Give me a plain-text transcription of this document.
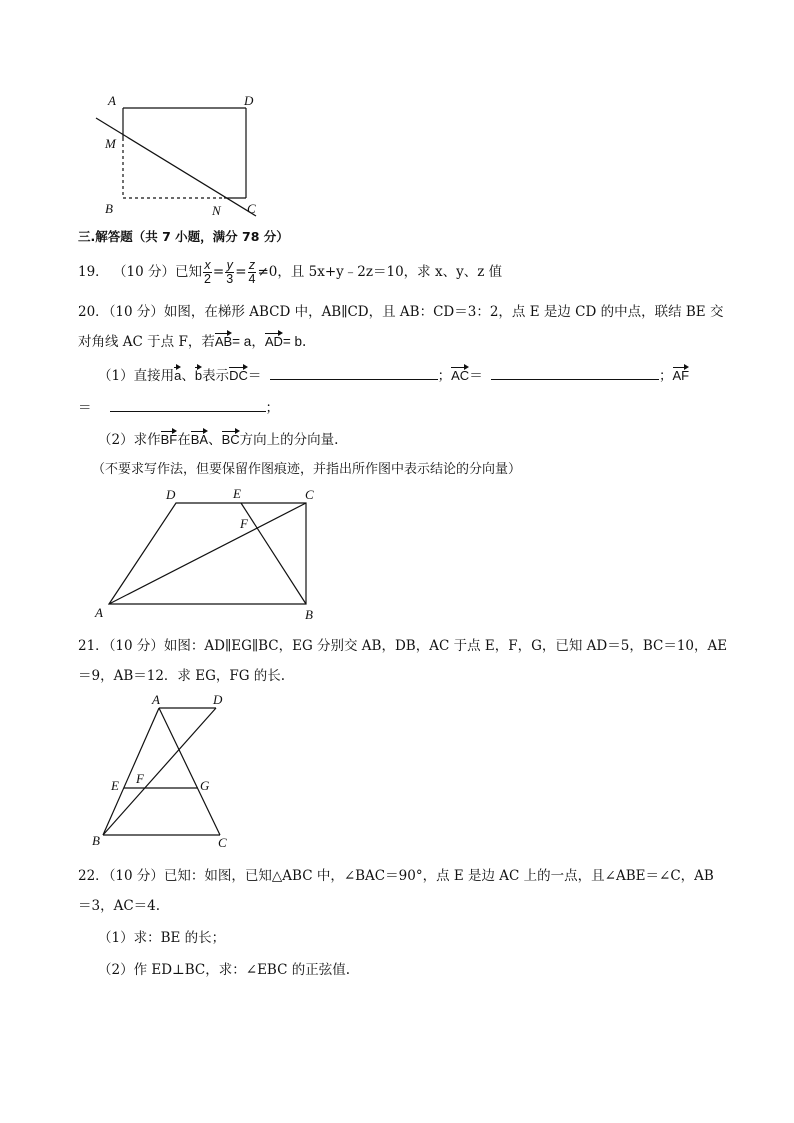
A	D
M
B	N C
三.解答题（共 7 小题，满分 78 分）
19． （10 分）已知 $\frac{x}{2} = \frac{y}{3} = \frac{z}{4} \ne 0$，且 5x+y﹣2z＝10，求 x、y、z 值
20．（10 分）如图，在梯形 ABCD 中，AB∥CD，且 AB：CD＝3：2，点 E 是边 CD 的中点，联结 BE 交
对角线 AC 于点 F，若AB= a，AD= b.
（1）直接用a、b表示DC＝	；AC＝	；AF
＝	；
（2）求作BF在BA、BC方向上的分向量.
（不要求写作法，但要保留作图痕迹，并指出所作图中表示结论的分向量）
D	E	C
F
A	B
21．（10 分）如图：AD∥EG∥BC，EG 分别交 AB，DB，AC 于点 E，F，G，已知 AD＝5，BC＝10，AE
＝9，AB＝12．求 EG，FG 的长.
A	D
E F	G
B	C
22．（10 分）已知：如图，已知△ABC 中，∠BAC＝90°，点 E 是边 AC 上的一点，且∠ABE＝∠C，AB
＝3，AC＝4.
（1）求：BE 的长；
（2）作 ED⊥BC，求：∠EBC 的正弦值.
